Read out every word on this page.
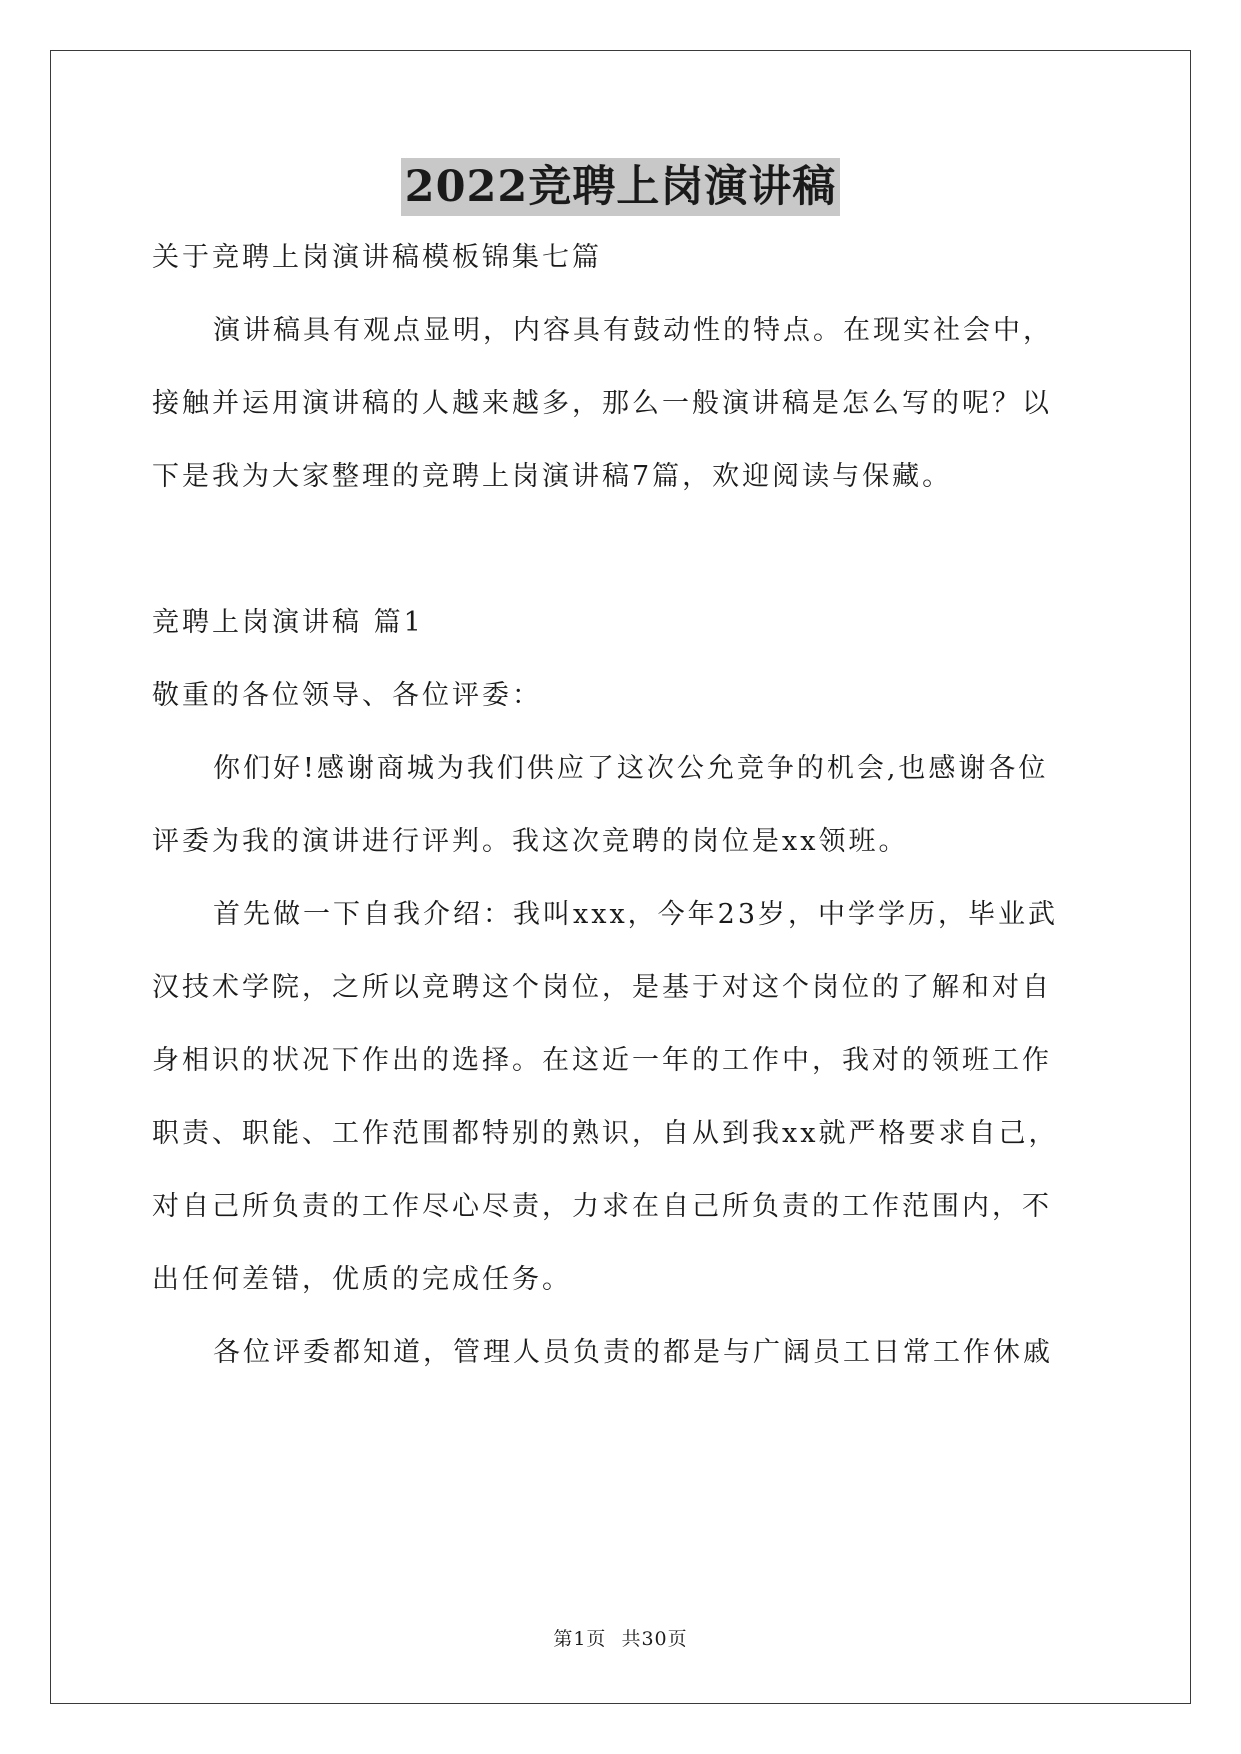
2022竞聘上岗演讲稿
关于竞聘上岗演讲稿模板锦集七篇
演讲稿具有观点显明，内容具有鼓动性的特点。在现实社会中，
接触并运用演讲稿的人越来越多，那么一般演讲稿是怎么写的呢？以
下是我为大家整理的竞聘上岗演讲稿7篇，欢迎阅读与保藏。
竞聘上岗演讲稿 篇1
敬重的各位领导、各位评委：
你们好!感谢商城为我们供应了这次公允竞争的机会,也感谢各位
评委为我的演讲进行评判。我这次竞聘的岗位是xx领班。
首先做一下自我介绍：我叫xxx，今年23岁，中学学历，毕业武
汉技术学院，之所以竞聘这个岗位，是基于对这个岗位的了解和对自
身相识的状况下作出的选择。在这近一年的工作中，我对的领班工作
职责、职能、工作范围都特别的熟识，自从到我xx就严格要求自己，
对自己所负责的工作尽心尽责，力求在自己所负责的工作范围内，不
出任何差错，优质的完成任务。
各位评委都知道，管理人员负责的都是与广阔员工日常工作休戚
第1页 共30页
